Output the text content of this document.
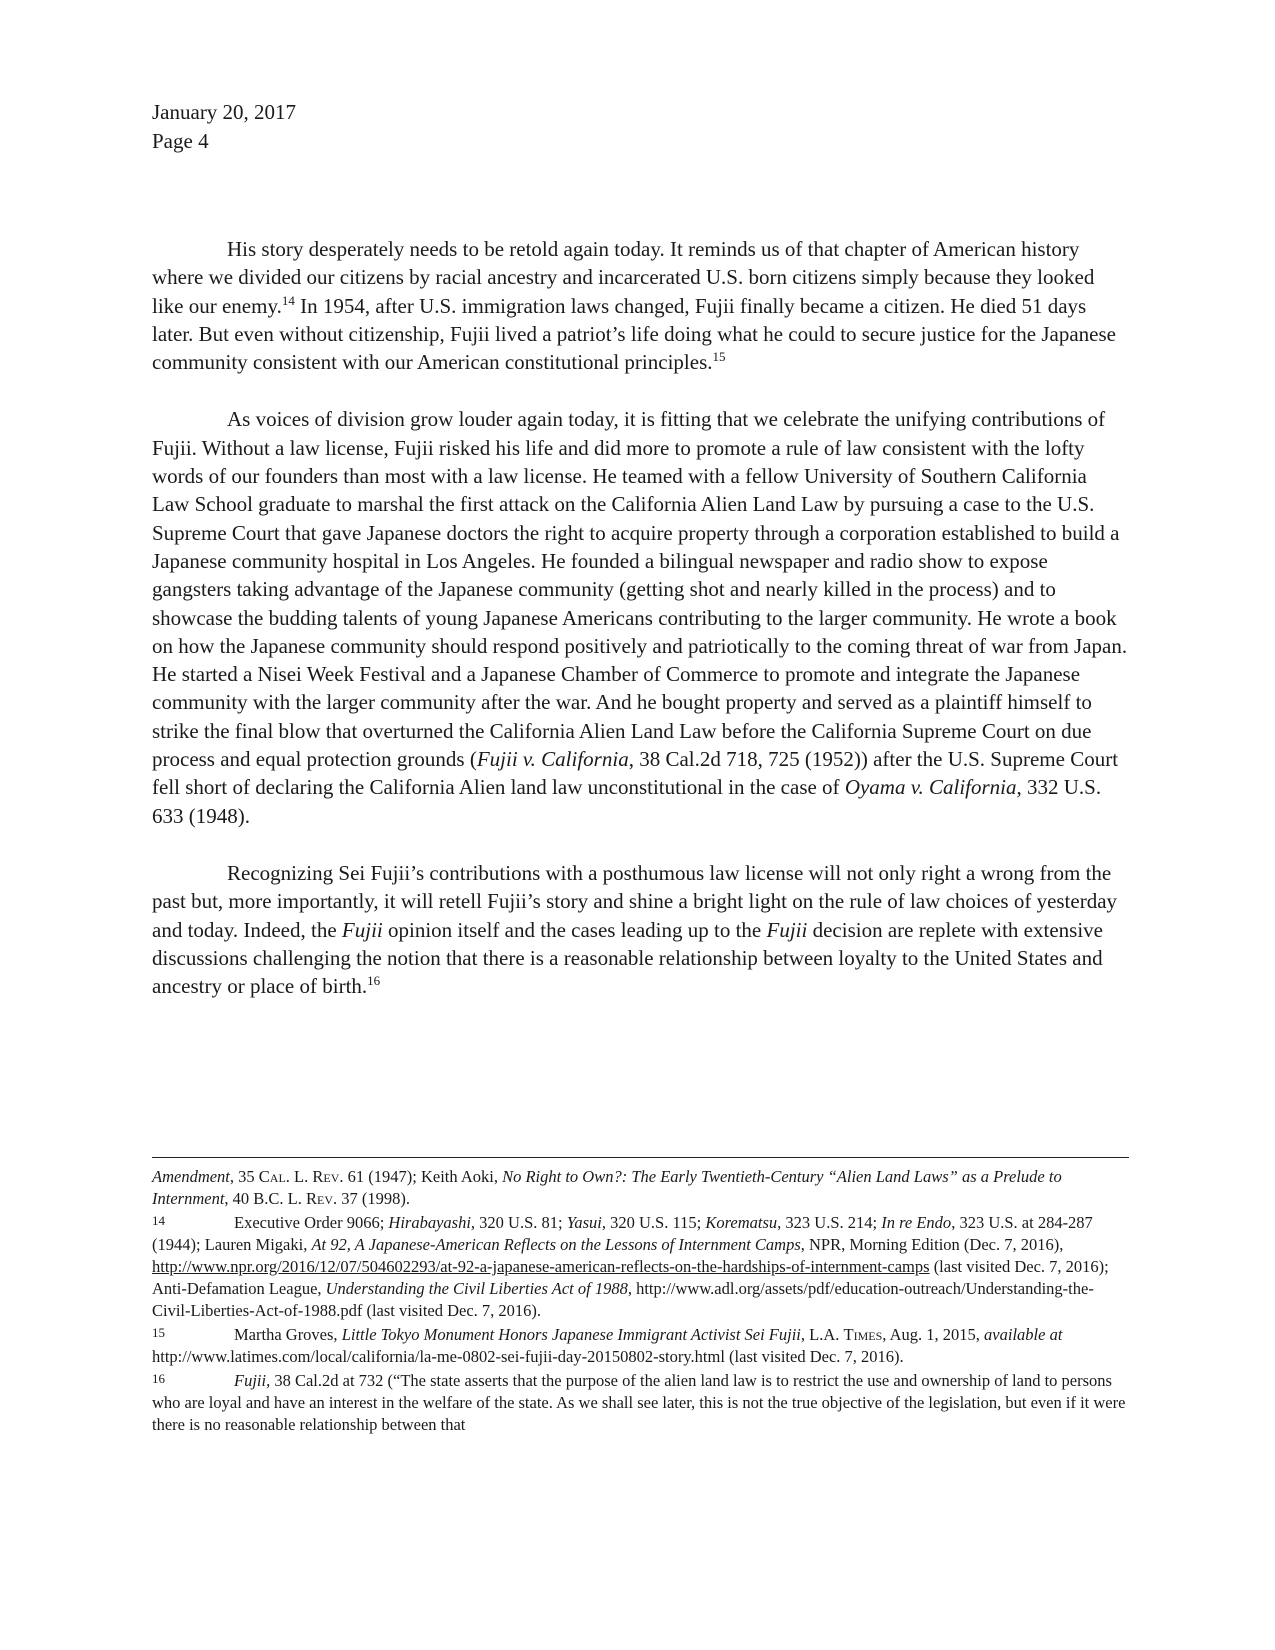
January 20, 2017
Page 4

His story desperately needs to be retold again today. It reminds us of that chapter of American history where we divided our citizens by racial ancestry and incarcerated U.S. born citizens simply because they looked like our enemy.$^{14}$ In 1954, after U.S. immigration laws changed, Fujii finally became a citizen. He died 51 days later. But even without citizenship, Fujii lived a patriot’s life doing what he could to secure justice for the Japanese community consistent with our American constitutional principles.$^{15}$

As voices of division grow louder again today, it is fitting that we celebrate the unifying contributions of Fujii. Without a law license, Fujii risked his life and did more to promote a rule of law consistent with the lofty words of our founders than most with a law license. He teamed with a fellow University of Southern California Law School graduate to marshal the first attack on the California Alien Land Law by pursuing a case to the U.S. Supreme Court that gave Japanese doctors the right to acquire property through a corporation established to build a Japanese community hospital in Los Angeles. He founded a bilingual newspaper and radio show to expose gangsters taking advantage of the Japanese community (getting shot and nearly killed in the process) and to showcase the budding talents of young Japanese Americans contributing to the larger community. He wrote a book on how the Japanese community should respond positively and patriotically to the coming threat of war from Japan. He started a Nisei Week Festival and a Japanese Chamber of Commerce to promote and integrate the Japanese community with the larger community after the war. And he bought property and served as a plaintiff himself to strike the final blow that overturned the California Alien Land Law before the California Supreme Court on due process and equal protection grounds (Fujii v. California, 38 Cal.2d 718, 725 (1952)) after the U.S. Supreme Court fell short of declaring the California Alien land law unconstitutional in the case of Oyama v. California, 332 U.S. 633 (1948).

Recognizing Sei Fujii’s contributions with a posthumous law license will not only right a wrong from the past but, more importantly, it will retell Fujii’s story and shine a bright light on the rule of law choices of yesterday and today. Indeed, the Fujii opinion itself and the cases leading up to the Fujii decision are replete with extensive discussions challenging the notion that there is a reasonable relationship between loyalty to the United States and ancestry or place of birth.$^{16}$

Amendment, 35 Cal. L. Rev. 61 (1947); Keith Aoki, No Right to Own?: The Early Twentieth-Century “Alien Land Laws” as a Prelude to Internment, 40 B.C. L. Rev. 37 (1998).

14	Executive Order 9066; Hirabayashi, 320 U.S. 81; Yasui, 320 U.S. 115; Korematsu, 323 U.S. 214; In re Endo, 323 U.S. at 284-287 (1944); Lauren Migaki, At 92, A Japanese-American Reflects on the Lessons of Internment Camps, NPR, Morning Edition (Dec. 7, 2016), http://www.npr.org/2016/12/07/504602293/at-92-a-japanese-american-reflects-on-the-hardships-of-internment-camps (last visited Dec. 7, 2016); Anti-Defamation League, Understanding the Civil Liberties Act of 1988, http://www.adl.org/assets/pdf/education-outreach/Understanding-the-Civil-Liberties-Act-of-1988.pdf (last visited Dec. 7, 2016).

15	Martha Groves, Little Tokyo Monument Honors Japanese Immigrant Activist Sei Fujii, L.A. Times, Aug. 1, 2015, available at http://www.latimes.com/local/california/la-me-0802-sei-fujii-day-20150802-story.html (last visited Dec. 7, 2016).

16	Fujii, 38 Cal.2d at 732 (“The state asserts that the purpose of the alien land law is to restrict the use and ownership of land to persons who are loyal and have an interest in the welfare of the state. As we shall see later, this is not the true objective of the legislation, but even if it were there is no reasonable relationship between that
